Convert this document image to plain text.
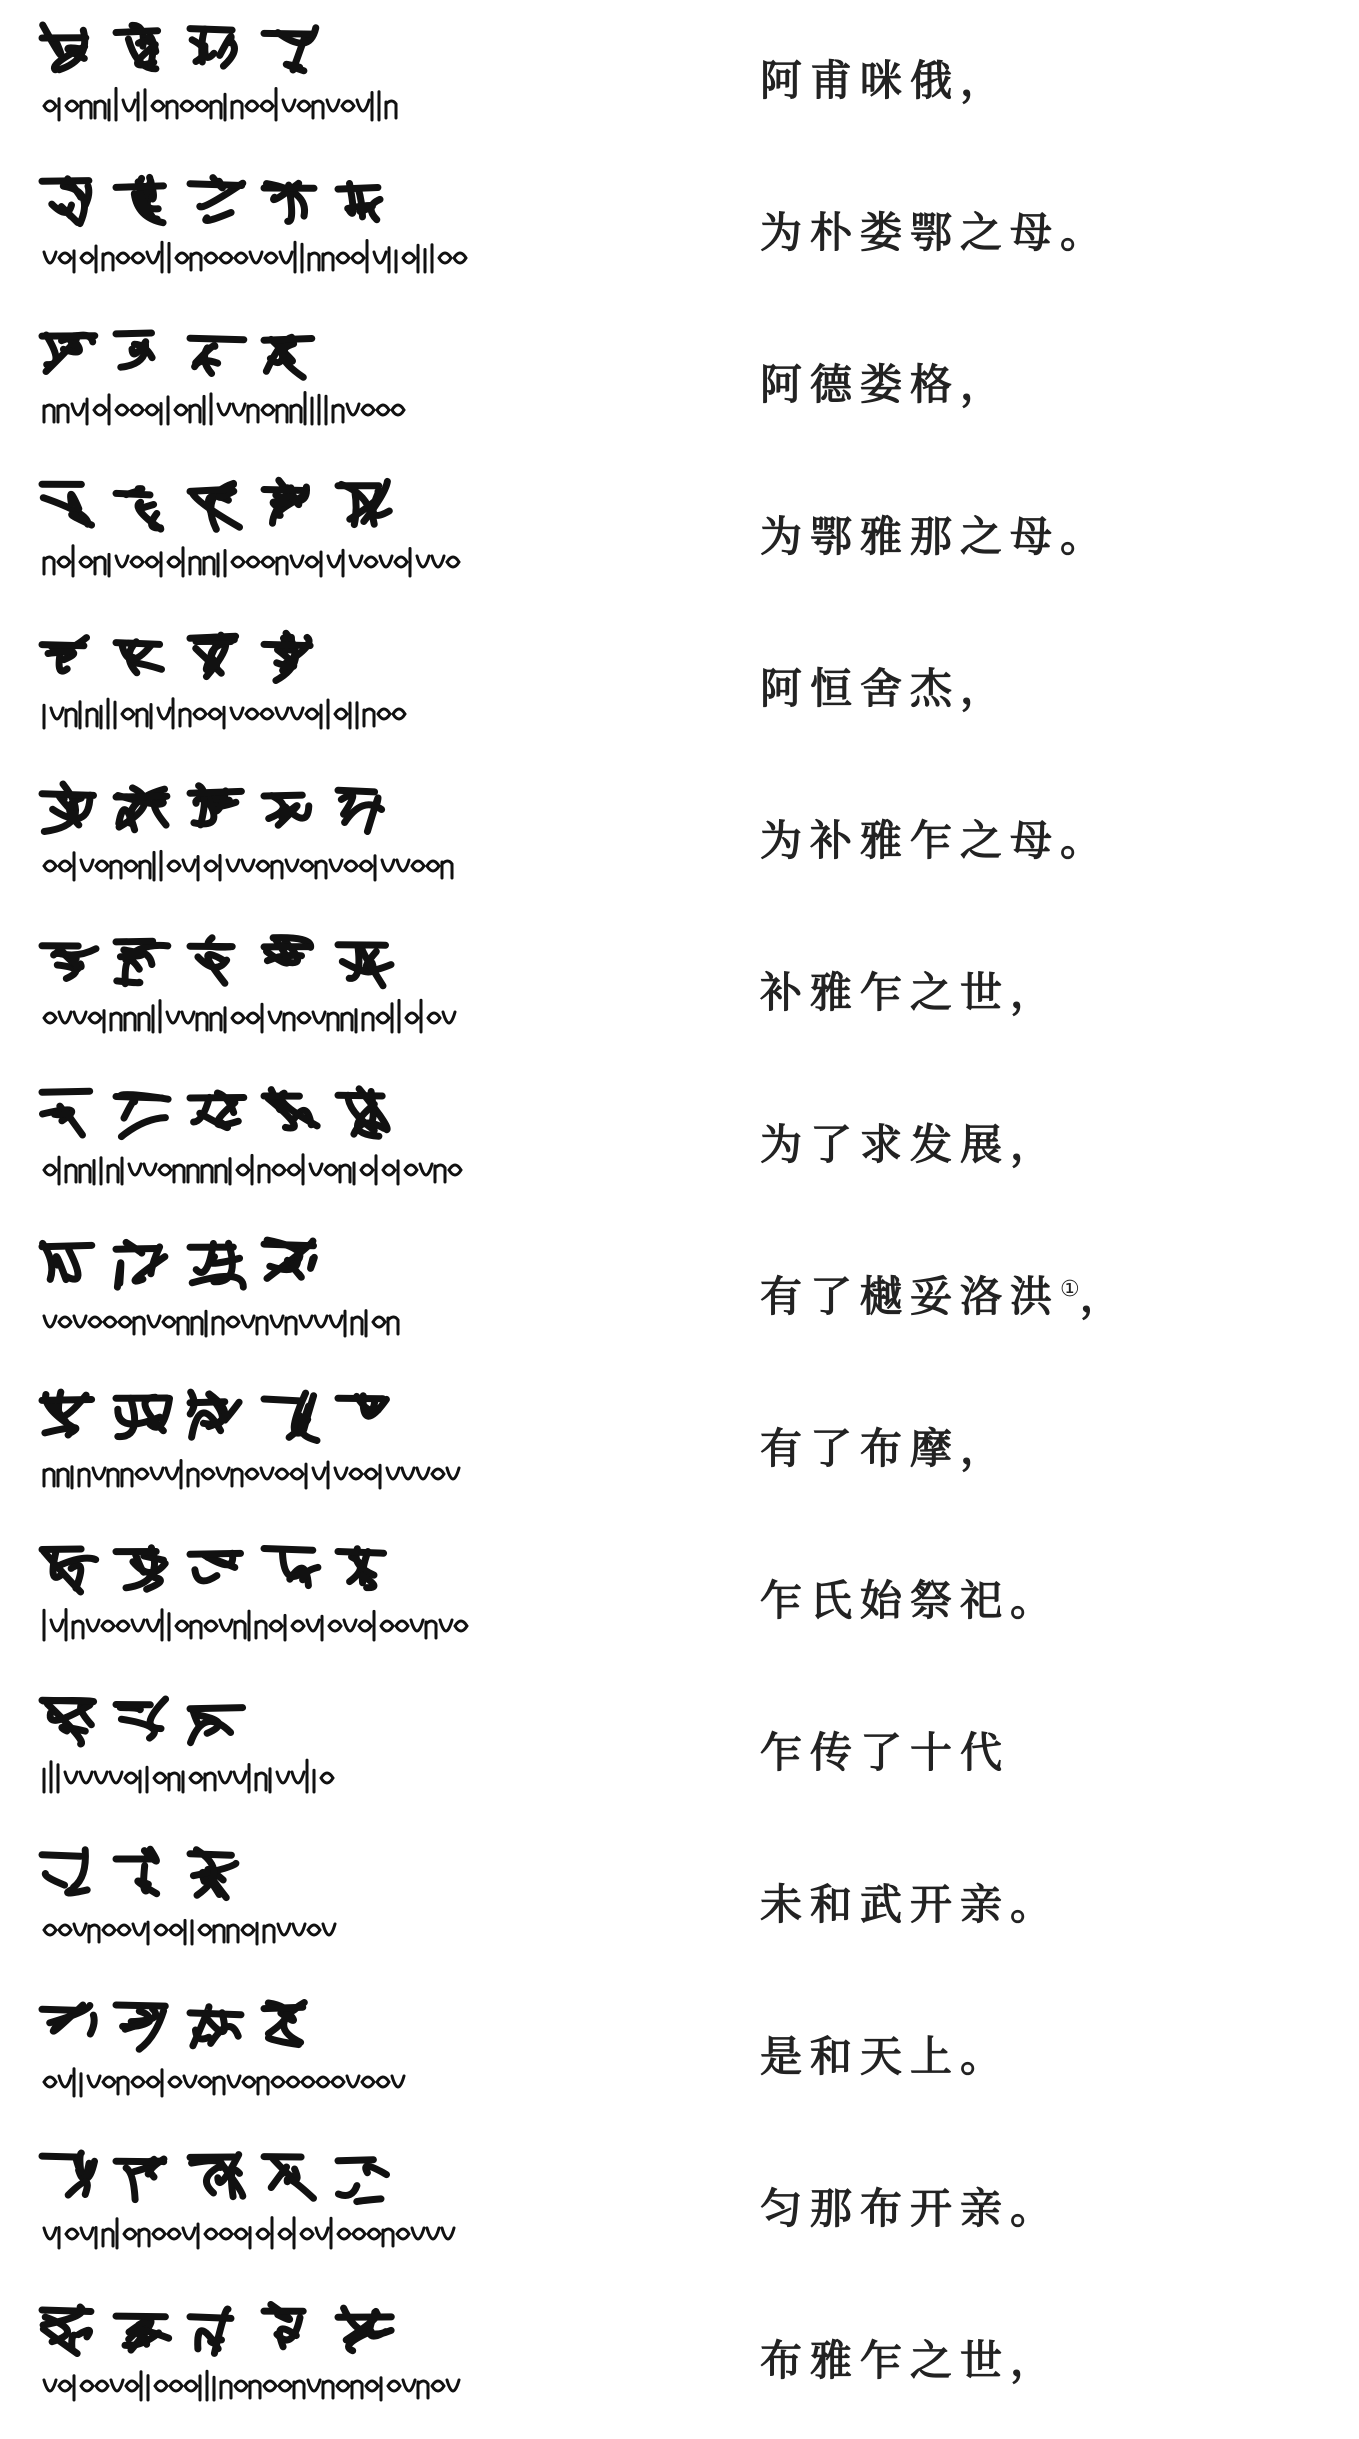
阿甫咪俄，
为朴娄鄂之母。
阿德娄格，
为鄂雅那之母。
阿恒舍杰，
为补雅乍之母。
补雅乍之世，
为了求发展，
有了樾妥洛洪①，
有了布摩，
乍氏始祭祀。
乍传了十代
未和武开亲。
是和天上。
匀那布开亲。
布雅乍之世，
